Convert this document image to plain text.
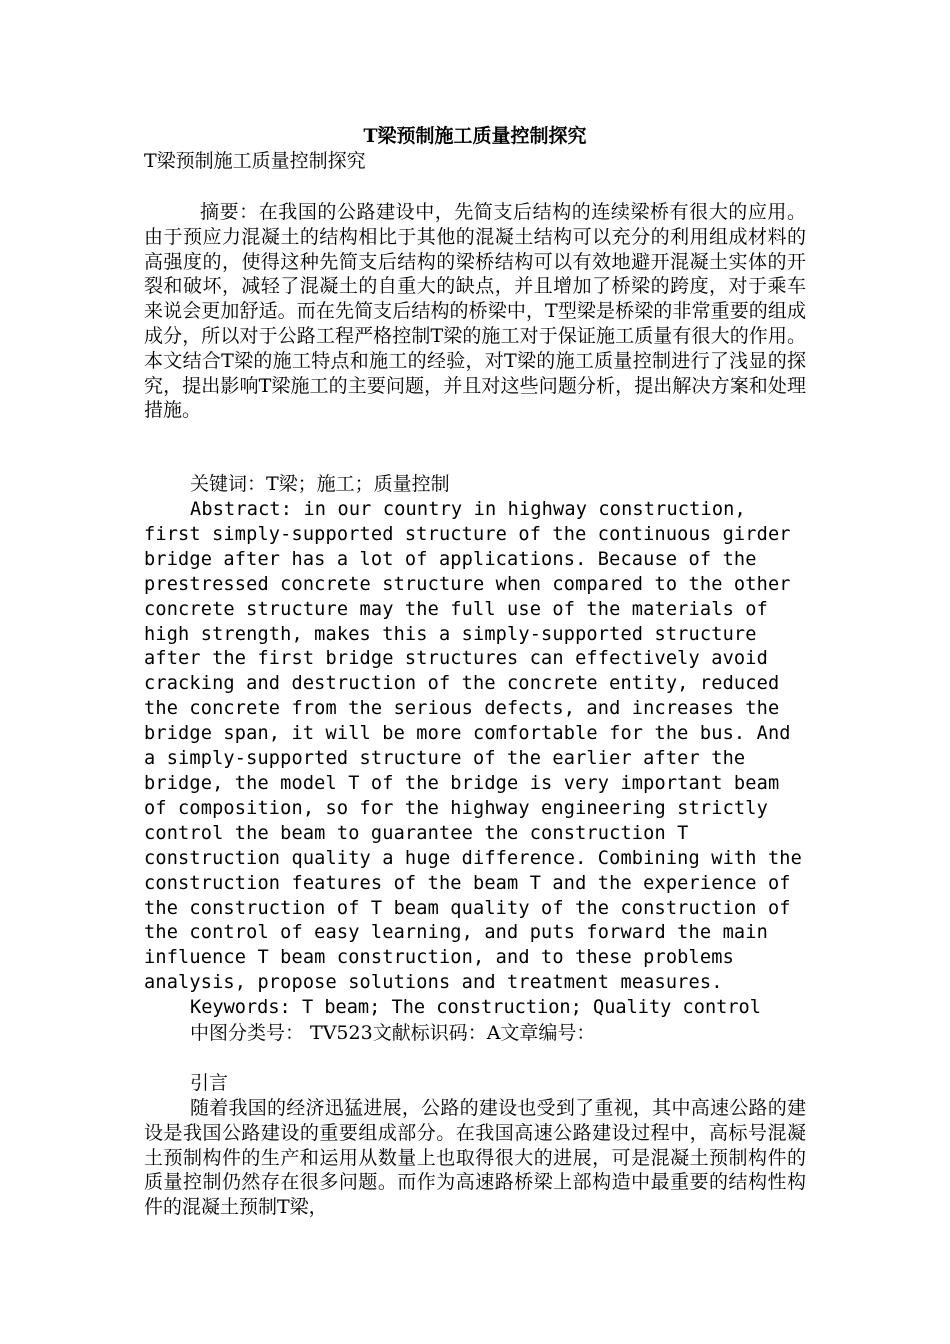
T梁预制施工质量控制探究

T梁预制施工质量控制探究

摘要：在我国的公路建设中，先简支后结构的连续梁桥有很大的应用。由于预应力混凝土的结构相比于其他的混凝土结构可以充分的利用组成材料的高强度的，使得这种先简支后结构的梁桥结构可以有效地避开混凝土实体的开裂和破坏，减轻了混凝土的自重大的缺点，并且增加了桥梁的跨度，对于乘车来说会更加舒适。而在先简支后结构的桥梁中，T型梁是桥梁的非常重要的组成成分，所以对于公路工程严格控制T梁的施工对于保证施工质量有很大的作用。本文结合T梁的施工特点和施工的经验，对T梁的施工质量控制进行了浅显的探究，提出影响T梁施工的主要问题，并且对这些问题分析，提出解决方案和处理措施。

关键词：T梁；施工；质量控制

Abstract: in our country in highway construction, first simply-supported structure of the continuous girder bridge after has a lot of applications. Because of the prestressed concrete structure when compared to the other concrete structure may the full use of the materials of high strength, makes this a simply-supported structure after the first bridge structures can effectively avoid cracking and destruction of the concrete entity, reduced the concrete from the serious defects, and increases the bridge span, it will be more comfortable for the bus. And a simply-supported structure of the earlier after the bridge, the model T of the bridge is very important beam of composition, so for the highway engineering strictly control the beam to guarantee the construction T construction quality a huge difference. Combining with the construction features of the beam T and the experience of the construction of T beam quality of the construction of the control of easy learning, and puts forward the main influence T beam construction, and to these problems analysis, propose solutions and treatment measures.

Keywords: T beam; The construction; Quality control

中图分类号： TV523文献标识码：A文章编号：

引言

随着我国的经济迅猛进展，公路的建设也受到了重视，其中高速公路的建设是我国公路建设的重要组成部分。在我国高速公路建设过程中，高标号混凝土预制构件的生产和运用从数量上也取得很大的进展，可是混凝土预制构件的质量控制仍然存在很多问题。而作为高速路桥梁上部构造中最重要的结构性构件的混凝土预制T梁，
